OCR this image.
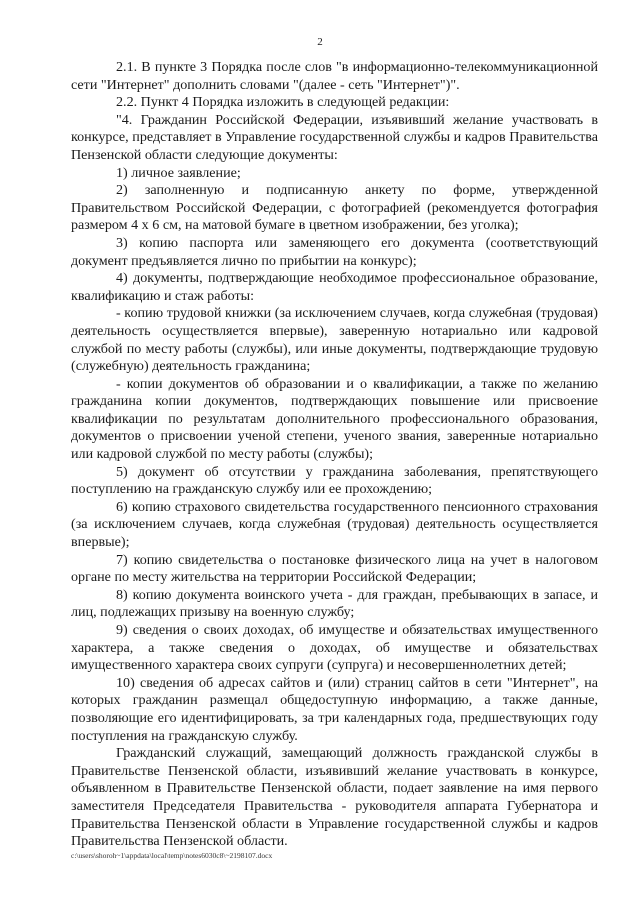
2

2.1. В пункте 3 Порядка после слов "в информационно-телекоммуникационной сети "Интернет" дополнить словами "(далее - сеть "Интернет")".

2.2. Пункт 4 Порядка изложить в следующей редакции:

"4. Гражданин Российской Федерации, изъявивший желание участвовать в конкурсе, представляет в Управление государственной службы и кадров Правительства Пензенской области следующие документы:

1) личное заявление;

2) заполненную и подписанную анкету по форме, утвержденной Правительством Российской Федерации, с фотографией (рекомендуется фотография размером 4 х 6 см, на матовой бумаге в цветном изображении, без уголка);

3) копию паспорта или заменяющего его документа (соответствующий документ предъявляется лично по прибытии на конкурс);

4) документы, подтверждающие необходимое профессиональное образование, квалификацию и стаж работы:

- копию трудовой книжки (за исключением случаев, когда служебная (трудовая) деятельность осуществляется впервые), заверенную нотариально или кадровой службой по месту работы (службы), или иные документы, подтверждающие трудовую (служебную) деятельность гражданина;

- копии документов об образовании и о квалификации, а также по желанию гражданина копии документов, подтверждающих повышение или присвоение квалификации по результатам дополнительного профессионального образования, документов о присвоении ученой степени, ученого звания, заверенные нотариально или кадровой службой по месту работы (службы);

5) документ об отсутствии у гражданина заболевания, препятствующего поступлению на гражданскую службу или ее прохождению;

6) копию страхового свидетельства государственного пенсионного страхования (за исключением случаев, когда служебная (трудовая) деятельность осуществляется впервые);

7) копию свидетельства о постановке физического лица на учет в налоговом органе по месту жительства на территории Российской Федерации;

8) копию документа воинского учета - для граждан, пребывающих в запасе, и лиц, подлежащих призыву на военную службу;

9) сведения о своих доходах, об имуществе и обязательствах имущественного характера, а также сведения о доходах, об имуществе и обязательствах имущественного характера своих супруги (супруга) и несовершеннолетних детей;

10) сведения об адресах сайтов и (или) страниц сайтов в сети "Интернет", на которых гражданин размещал общедоступную информацию, а также данные, позволяющие его идентифицировать, за три календарных года, предшествующих году поступления на гражданскую службу.

Гражданский служащий, замещающий должность гражданской службы в Правительстве Пензенской области, изъявивший желание участвовать в конкурсе, объявленном в Правительстве Пензенской области, подает заявление на имя первого заместителя Председателя Правительства - руководителя аппарата Губернатора и Правительства Пензенской области в Управление государственной службы и кадров Правительства Пензенской области.

c:\users\shoroh~1\appdata\local\temp\notes6030c8\~2198107.docx
